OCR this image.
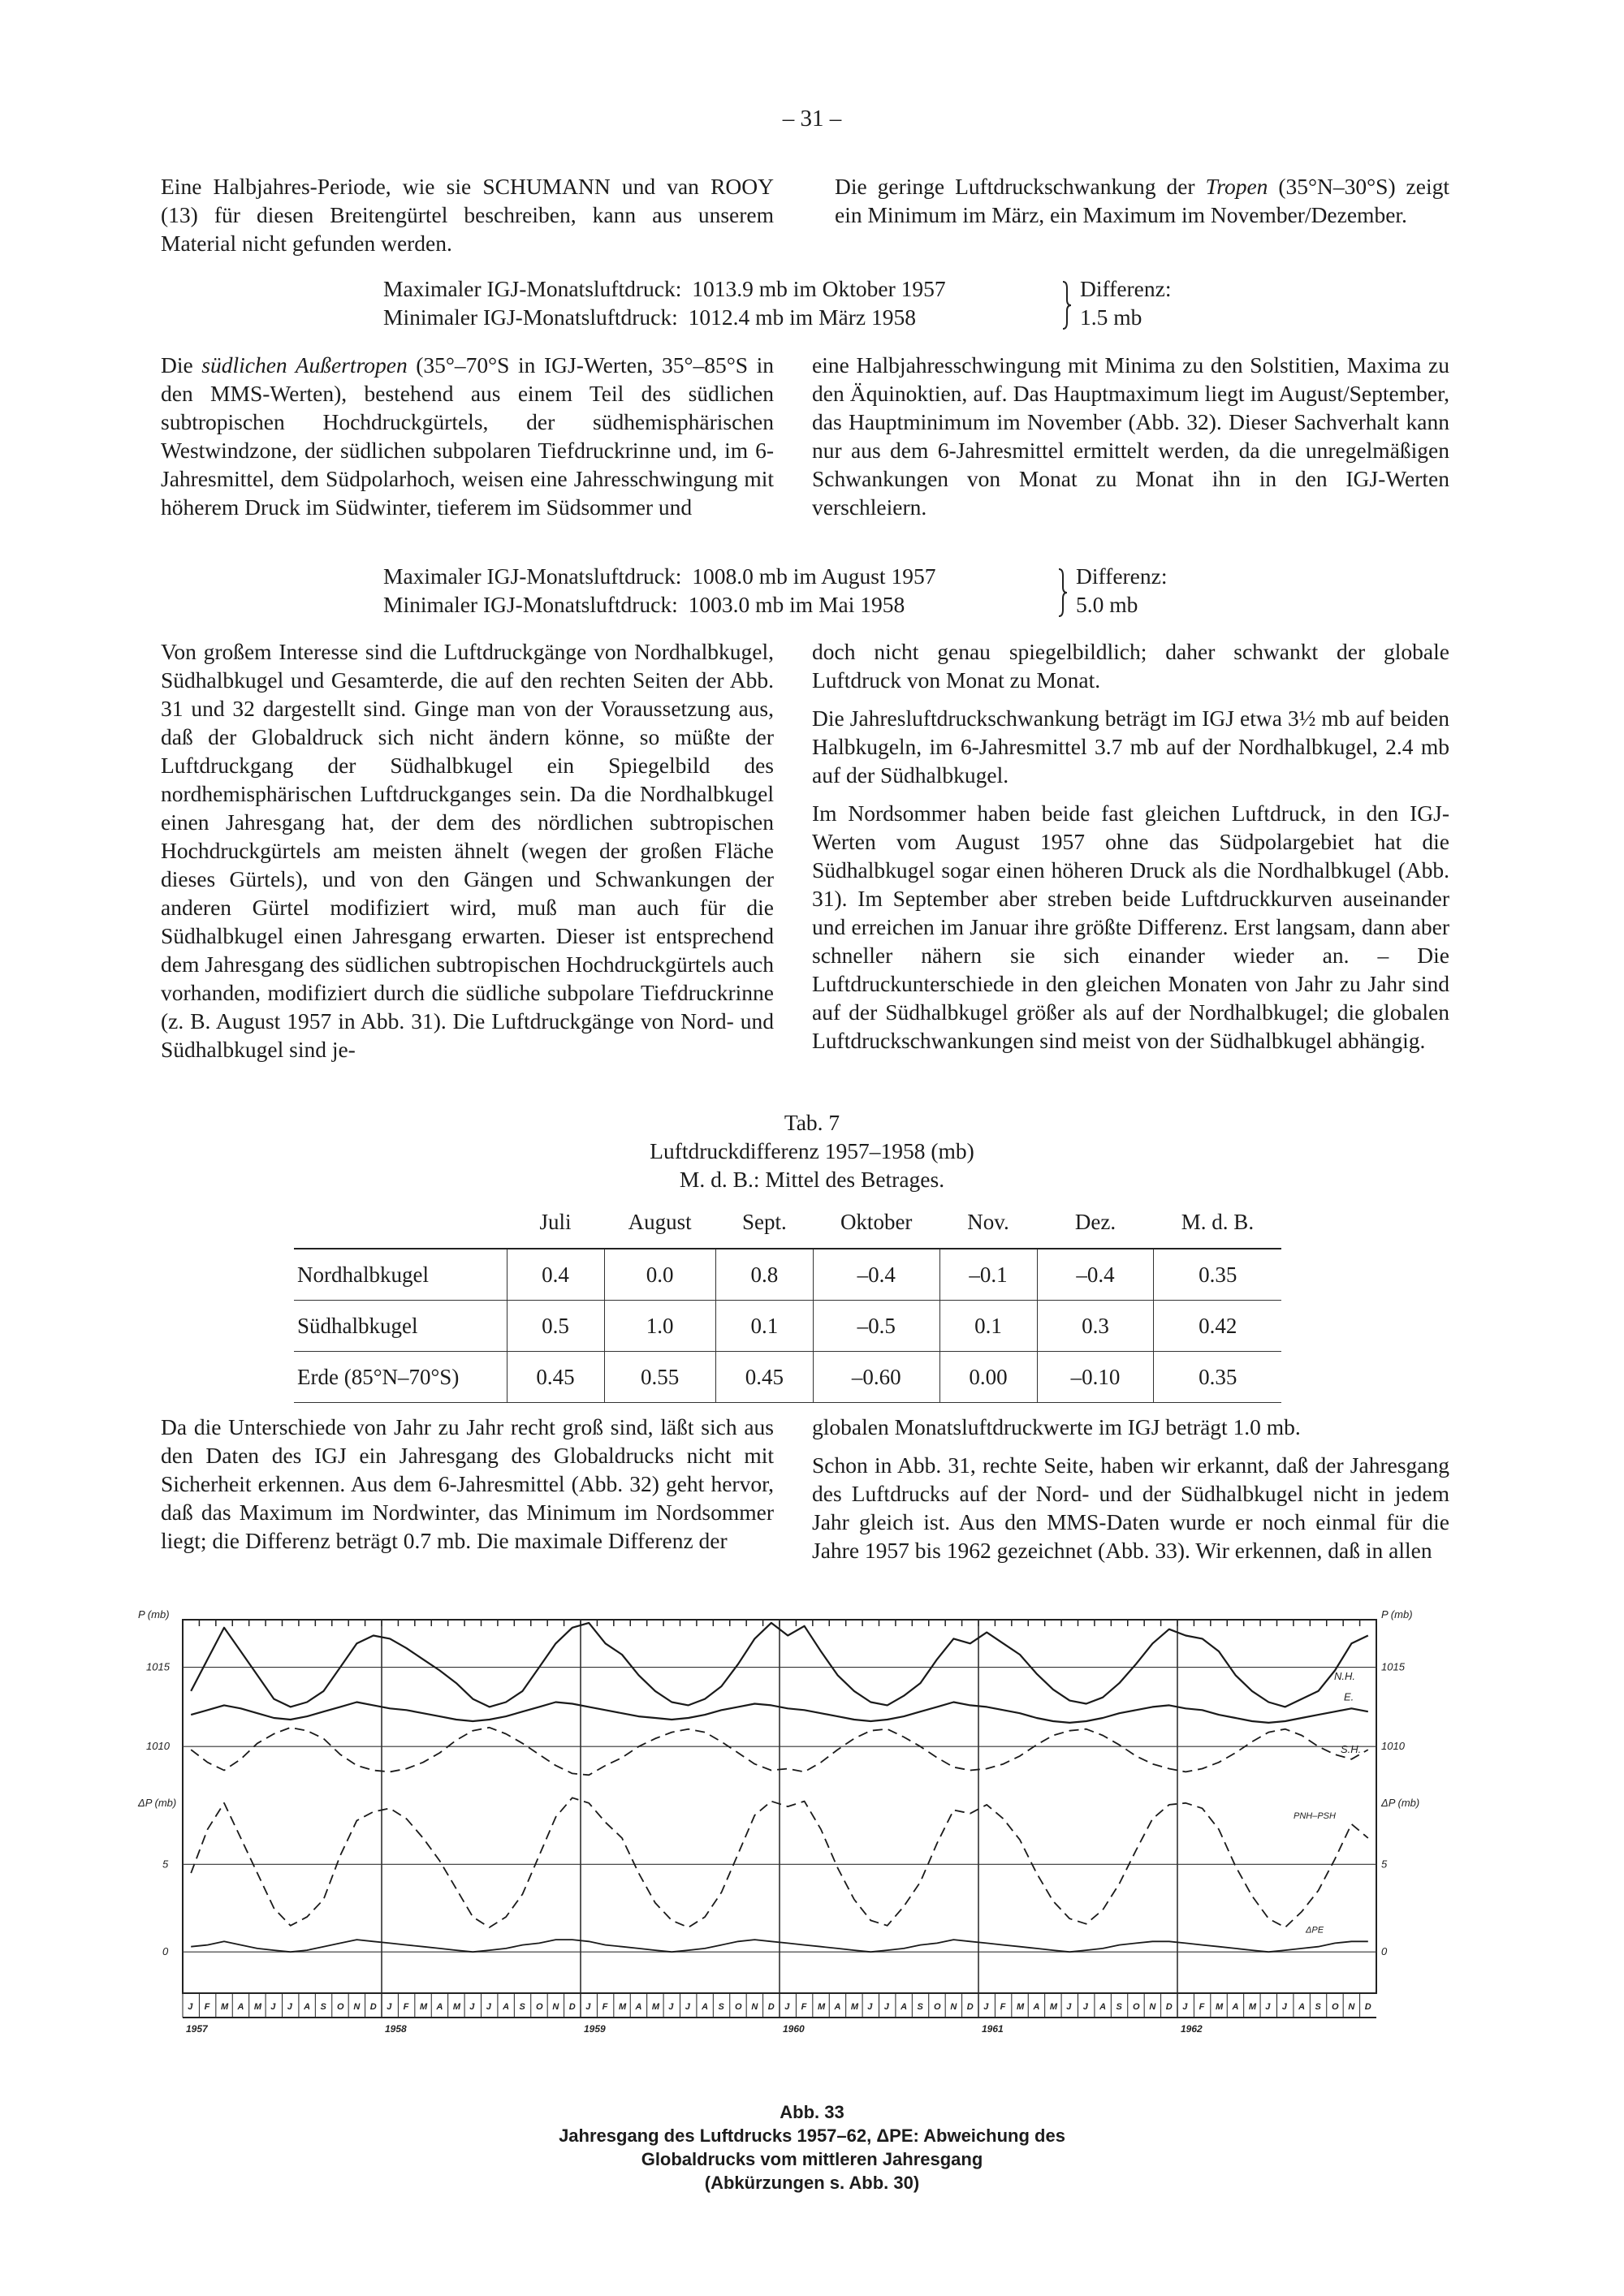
– 31 –

Eine Halbjahres-Periode, wie sie SCHUMANN und van ROOY (13) für diesen Breitengürtel beschreiben, kann aus unserem Material nicht gefunden werden.

Die geringe Luftdruckschwankung der Tropen (35°N–30°S) zeigt ein Minimum im März, ein Maximum im November/Dezember.

Maximaler IGJ-Monatsluftdruck: 1013.9 mb im Oktober 1957
Minimaler IGJ-Monatsluftdruck: 1012.4 mb im März 1958
Differenz:
1.5 mb

Die südlichen Außertropen (35°–70°S in IGJ-Werten, 35°–85°S in den MMS-Werten), bestehend aus einem Teil des südlichen subtropischen Hochdruckgürtels, der südhemisphärischen Westwindzone, der südlichen subpolaren Tiefdruckrinne und, im 6-Jahresmittel, dem Südpolarhoch, weisen eine Jahresschwingung mit höherem Druck im Südwinter, tieferem im Südsommer und

eine Halbjahresschwingung mit Minima zu den Solstitien, Maxima zu den Äquinoktien, auf. Das Hauptmaximum liegt im August/September, das Hauptminimum im November (Abb. 32). Dieser Sachverhalt kann nur aus dem 6-Jahresmittel ermittelt werden, da die unregelmäßigen Schwankungen von Monat zu Monat ihn in den IGJ-Werten verschleiern.

Maximaler IGJ-Monatsluftdruck: 1008.0 mb im August 1957
Minimaler IGJ-Monatsluftdruck: 1003.0 mb im Mai 1958
Differenz:
5.0 mb

Von großem Interesse sind die Luftdruckgänge von Nordhalbkugel, Südhalbkugel und Gesamterde, die auf den rechten Seiten der Abb. 31 und 32 dargestellt sind. Ginge man von der Voraussetzung aus, daß der Globaldruck sich nicht ändern könne, so müßte der Luftdruckgang der Südhalbkugel ein Spiegelbild des nordhemisphärischen Luftdruckganges sein. Da die Nordhalbkugel einen Jahresgang hat, der dem des nördlichen subtropischen Hochdruckgürtels am meisten ähnelt (wegen der großen Fläche dieses Gürtels), und von den Gängen und Schwankungen der anderen Gürtel modifiziert wird, muß man auch für die Südhalbkugel einen Jahresgang erwarten. Dieser ist entsprechend dem Jahresgang des südlichen subtropischen Hochdruckgürtels auch vorhanden, modifiziert durch die südliche subpolare Tiefdruckrinne (z. B. August 1957 in Abb. 31). Die Luftdruckgänge von Nord- und Südhalbkugel sind je-

doch nicht genau spiegelbildlich; daher schwankt der globale Luftdruck von Monat zu Monat.

Die Jahresluftdruckschwankung beträgt im IGJ etwa 3½ mb auf beiden Halbkugeln, im 6-Jahresmittel 3.7 mb auf der Nordhalbkugel, 2.4 mb auf der Südhalbkugel.

Im Nordsommer haben beide fast gleichen Luftdruck, in den IGJ-Werten vom August 1957 ohne das Südpolargebiet hat die Südhalbkugel sogar einen höheren Druck als die Nordhalbkugel (Abb. 31). Im September aber streben beide Luftdruckkurven auseinander und erreichen im Januar ihre größte Differenz. Erst langsam, dann aber schneller nähern sie sich einander wieder an. – Die Luftdruckunterschiede in den gleichen Monaten von Jahr zu Jahr sind auf der Südhalbkugel größer als auf der Nordhalbkugel; die globalen Luftdruckschwankungen sind meist von der Südhalbkugel abhängig.

Tab. 7
Luftdruckdifferenz 1957–1958 (mb)
M. d. B.: Mittel des Betrages.
	Juli	August	Sept.	Oktober	Nov.	Dez.	M. d. B.
Nordhalbkugel	0.4	0.0	0.8	–0.4	–0.1	–0.4	0.35
Südhalbkugel	0.5	1.0	0.1	–0.5	0.1	0.3	0.42
Erde (85°N–70°S)	0.45	0.55	0.45	–0.60	0.00	–0.10	0.35

Da die Unterschiede von Jahr zu Jahr recht groß sind, läßt sich aus den Daten des IGJ ein Jahresgang des Globaldrucks nicht mit Sicherheit erkennen. Aus dem 6-Jahresmittel (Abb. 32) geht hervor, daß das Maximum im Nordwinter, das Minimum im Nordsommer liegt; die Differenz beträgt 0.7 mb. Die maximale Differenz der

globalen Monatsluftdruckwerte im IGJ beträgt 1.0 mb.

Schon in Abb. 31, rechte Seite, haben wir erkannt, daß der Jahresgang des Luftdrucks auf der Nord- und der Südhalbkugel nicht in jedem Jahr gleich ist. Aus den MMS-Daten wurde er noch einmal für die Jahre 1957 bis 1962 gezeichnet (Abb. 33). Wir erkennen, daß in allen

1015	1015
1010	1010
5	5
0	0
P (mb)	P (mb)
ΔP (mb)	ΔP (mb)
J F M A M J J A S O N D J F M A M J J A S O N D J F M A M J J A S O N D J F M A M J J A S O N D J F M A M J J A S O N D J F M A M J J A S O N D
1957	1958	1959	1960	1961	1962
N.H.
E.
S.H.
PNH–PSH
ΔPE
Abb. 33
Jahresgang des Luftdrucks 1957–62, ΔPE: Abweichung des
Globaldrucks vom mittleren Jahresgang
(Abkürzungen s. Abb. 30)
